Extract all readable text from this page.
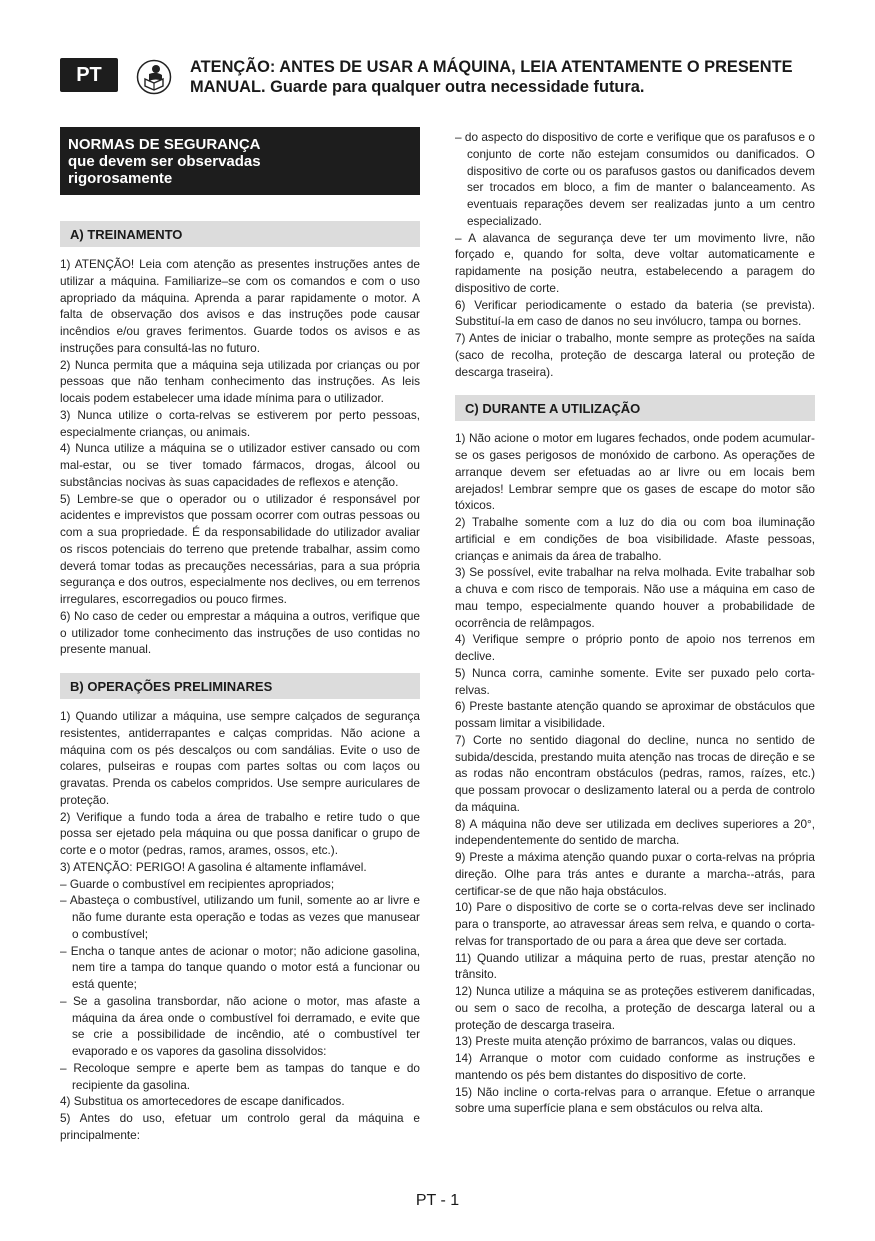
PT	ATENÇÃO: ANTES DE USAR A MÁQUINA, LEIA ATENTAMENTE O PRESENTE
MANUAL. Guarde para qualquer outra necessidade futura.
NORMAS DE SEGURANÇA
que devem ser observadas
rigorosamente
A) TREINAMENTO

1) ATENÇÃO! Leia com atenção as presentes instruções antes de utilizar a máquina. Familiarize–se com os comandos e com o uso apropriado da máquina. Aprenda a parar rapidamente o motor. A falta de observação dos avisos e das instruções pode causar incêndios e/ou graves ferimentos. Guarde todos os avisos e as instruções para consultá-las no futuro.

2) Nunca permita que a máquina seja utilizada por crianças ou por pessoas que não tenham conhecimento das instruções. As leis locais podem estabelecer uma idade mínima para o utilizador.

3) Nunca utilize o corta-relvas se estiverem por perto pessoas, especialmente crianças, ou animais.

4) Nunca utilize a máquina se o utilizador estiver cansado ou com mal-estar, ou se tiver tomado fármacos, drogas, álcool ou substâncias nocivas às suas capacidades de reflexos e atenção.

5) Lembre-se que o operador ou o utilizador é responsável por acidentes e imprevistos que possam ocorrer com outras pessoas ou com a sua propriedade. É da responsabilidade do utilizador avaliar os riscos potenciais do terreno que pretende trabalhar, assim como deverá tomar todas as precauções necessárias, para a sua própria segurança e dos outros, especialmente nos declives, ou em terrenos irregulares, escorregadios ou pouco firmes.

6) No caso de ceder ou emprestar a máquina a outros, verifique que o utilizador tome conhecimento das instruções de uso contidas no presente manual.

B) OPERAÇÕES PRELIMINARES

1) Quando utilizar a máquina, use sempre calçados de segurança resistentes, antiderrapantes e calças compridas. Não acione a máquina com os pés descalços ou com sandálias. Evite o uso de colares, pulseiras e roupas com partes soltas ou com laços ou gravatas. Prenda os cabelos compridos. Use sempre auriculares de proteção.

2) Verifique a fundo toda a área de trabalho e retire tudo o que possa ser ejetado pela máquina ou que possa danificar o grupo de corte e o motor (pedras, ramos, arames, ossos, etc.).

3) ATENÇÃO: PERIGO! A gasolina é altamente inflamável.

– Guarde o combustível em recipientes apropriados;

– Abasteça o combustível, utilizando um funil, somente ao ar livre e não fume durante esta operação e todas as vezes que manusear o combustível;

– Encha o tanque antes de acionar o motor; não adicione gasolina, nem tire a tampa do tanque quando o motor está a funcionar ou está quente;

– Se a gasolina transbordar, não acione o motor, mas afaste a máquina da área onde o combustível foi derramado, e evite que se crie a possibilidade de incêndio, até o combustível ter evaporado e os vapores da gasolina dissolvidos:

– Recoloque sempre e aperte bem as tampas do tanque e do recipiente da gasolina.

4) Substitua os amortecedores de escape danificados.

5) Antes do uso, efetuar um controlo geral da máquina e principalmente:

– do aspecto do dispositivo de corte e verifique que os parafusos e o conjunto de corte não estejam consumidos ou danificados. O dispositivo de corte ou os parafusos gastos ou danificados devem ser trocados em bloco, a fim de manter o balanceamento. As eventuais reparações devem ser realizadas junto a um centro especializado.

– A alavanca de segurança deve ter um movimento livre, não forçado e, quando for solta, deve voltar automaticamente e rapidamente na posição neutra, estabelecendo a paragem do dispositivo de corte.

6) Verificar periodicamente o estado da bateria (se prevista). Substituí-la em caso de danos no seu invólucro, tampa ou bornes.

7) Antes de iniciar o trabalho, monte sempre as proteções na saída (saco de recolha, proteção de descarga lateral ou proteção de descarga traseira).

C) DURANTE A UTILIZAÇÃO

1) Não acione o motor em lugares fechados, onde podem acumular-se os gases perigosos de monóxido de carbono. As operações de arranque devem ser efetuadas ao ar livre ou em locais bem arejados! Lembrar sempre que os gases de escape do motor são tóxicos.

2) Trabalhe somente com a luz do dia ou com boa iluminação artificial e em condições de boa visibilidade. Afaste pessoas, crianças e animais da área de trabalho.

3) Se possível, evite trabalhar na relva molhada. Evite trabalhar sob a chuva e com risco de temporais. Não use a máquina em caso de mau tempo, especialmente quando houver a probabilidade de ocorrência de relâmpagos.

4) Verifique sempre o próprio ponto de apoio nos terrenos em declive.

5) Nunca corra, caminhe somente. Evite ser puxado pelo corta-relvas.

6) Preste bastante atenção quando se aproximar de obstáculos que possam limitar a visibilidade.

7) Corte no sentido diagonal do decline, nunca no sentido de subida/descida, prestando muita atenção nas trocas de direção e se as rodas não encontram obstáculos (pedras, ramos, raízes, etc.) que possam provocar o deslizamento lateral ou a perda de controlo da máquina.

8) A máquina não deve ser utilizada em declives superiores a 20°, independentemente do sentido de marcha.

9) Preste a máxima atenção quando puxar o corta-relvas na própria direção. Olhe para trás antes e durante a marcha--atrás, para certificar-se de que não haja obstáculos.

10) Pare o dispositivo de corte se o corta-relvas deve ser inclinado para o transporte, ao atravessar áreas sem relva, e quando o corta-relvas for transportado de ou para a área que deve ser cortada.

11) Quando utilizar a máquina perto de ruas, prestar atenção no trânsito.

12) Nunca utilize a máquina se as proteções estiverem danificadas, ou sem o saco de recolha, a proteção de descarga lateral ou a proteção de descarga traseira.

13) Preste muita atenção próximo de barrancos, valas ou diques.

14) Arranque o motor com cuidado conforme as instruções e mantendo os pés bem distantes do dispositivo de corte.

15) Não incline o corta-relvas para o arranque. Efetue o arranque sobre uma superfície plana e sem obstáculos ou relva alta.

PT - 1
